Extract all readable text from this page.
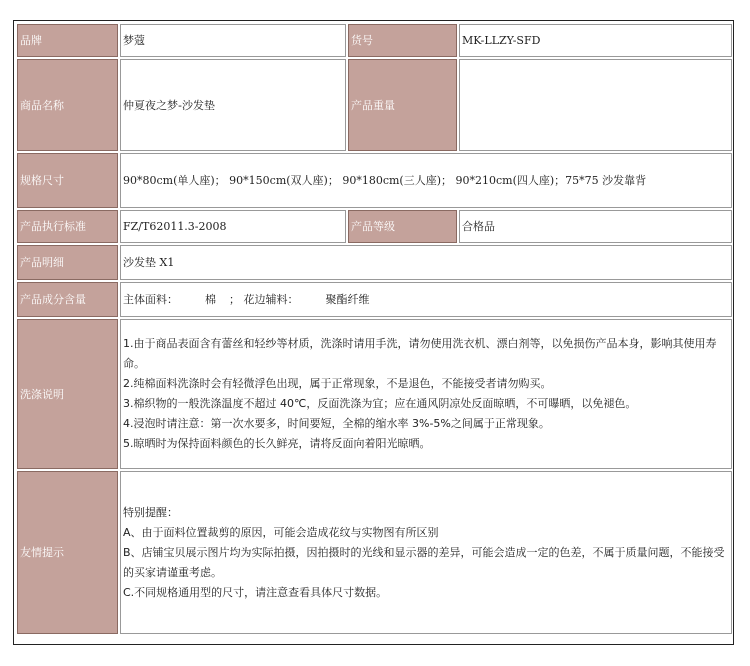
品牌	梦蔻	货号	MK-LLZY-SFD
商品名称	仲夏夜之梦-沙发垫	产品重量	
规格尺寸	90*80cm(单人座)； 90*150cm(双人座)； 90*180cm(三人座)； 90*210cm(四人座)；75*75 沙发靠背		
产品执行标准	FZ/T62011.3-2008	产品等级	合格品
产品明细	沙发垫 X1		
产品成分含量	主体面料： 棉 ； 花边辅料： 聚酯纤维		
洗涤说明	1.由于商品表面含有蕾丝和轻纱等材质，洗涤时请用手洗，请勿使用洗衣机、漂白剂等，以免损伤产品本身，影响其使用寿命。

2.纯棉面料洗涤时会有轻微浮色出现，属于正常现象，不是退色，不能接受者请勿购买。

3.棉织物的一般洗涤温度不超过 40℃，反面洗涤为宜；应在通风阴凉处反面晾晒，不可曝晒，以免褪色。

4.浸泡时请注意：第一次水要多，时间要短，全棉的缩水率 3%-5%之间属于正常现象。

5.晾晒时为保持面料颜色的长久鲜亮，请将反面向着阳光晾晒。		

友情提示	特别提醒：

A、由于面料位置裁剪的原因，可能会造成花纹与实物图有所区别

B、店铺宝贝展示图片均为实际拍摄，因拍摄时的光线和显示器的差异，可能会造成一定的色差，不属于质量问题，不能接受的买家请谨重考虑。

C.不同规格通用型的尺寸，请注意查看具体尺寸数据。		
